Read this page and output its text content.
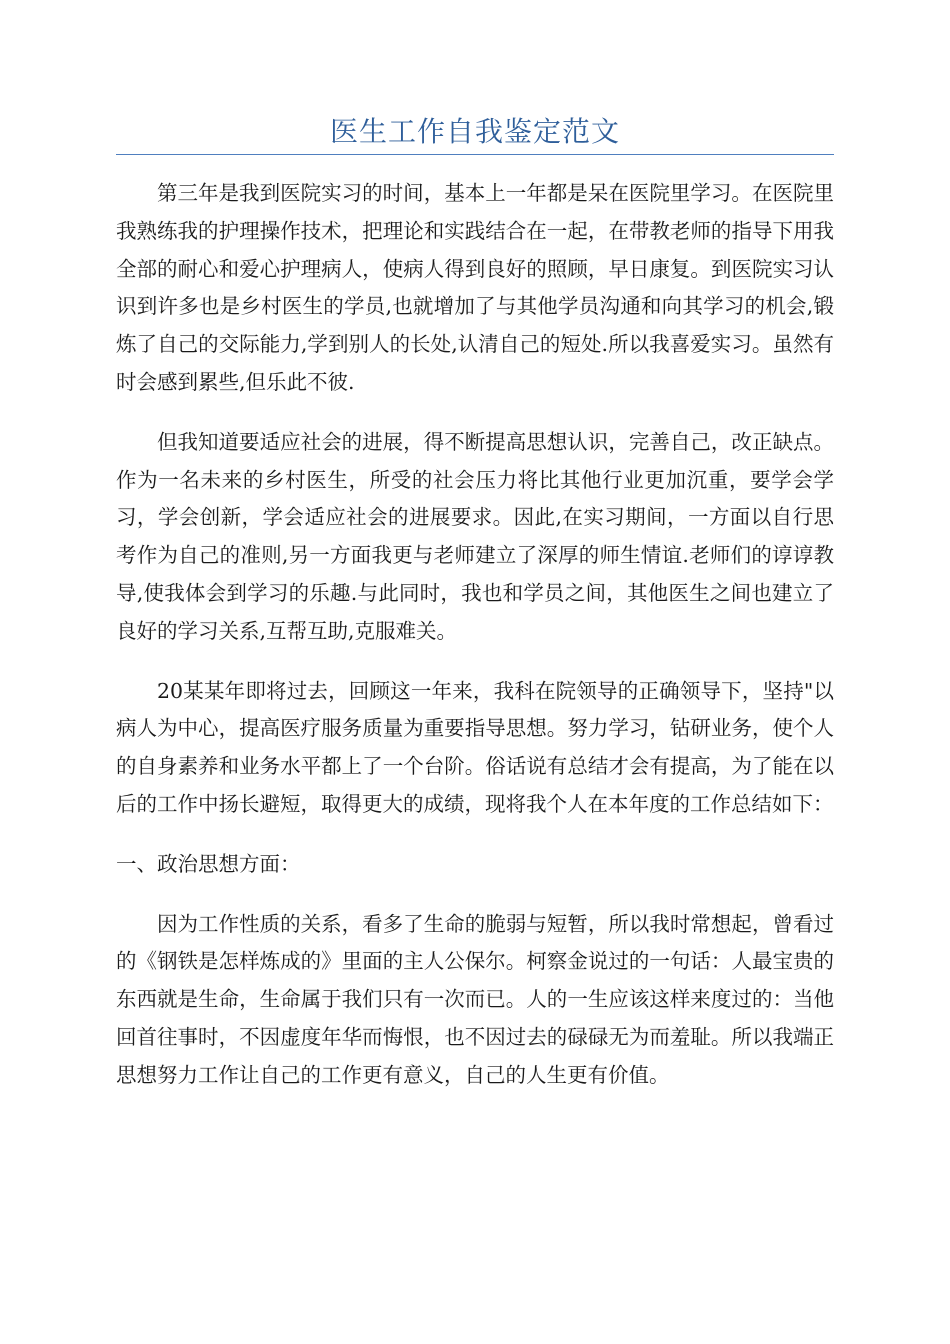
医生工作自我鉴定范文

第三年是我到医院实习的时间，基本上一年都是呆在医院里学习。在医院里我熟练我的护理操作技术，把理论和实践结合在一起，在带教老师的指导下用我全部的耐心和爱心护理病人，使病人得到良好的照顾，早日康复。到医院实习认识到许多也是乡村医生的学员,也就增加了与其他学员沟通和向其学习的机会,锻炼了自己的交际能力,学到别人的长处,认清自己的短处.所以我喜爱实习。虽然有时会感到累些,但乐此不彼.

但我知道要适应社会的进展，得不断提高思想认识，完善自己，改正缺点。作为一名未来的乡村医生，所受的社会压力将比其他行业更加沉重，要学会学习，学会创新，学会适应社会的进展要求。因此,在实习期间，一方面以自行思考作为自己的准则,另一方面我更与老师建立了深厚的师生情谊.老师们的谆谆教导,使我体会到学习的乐趣.与此同时，我也和学员之间，其他医生之间也建立了良好的学习关系,互帮互助,克服难关。

20某某年即将过去，回顾这一年来，我科在院领导的正确领导下，坚持"以病人为中心，提高医疗服务质量为重要指导思想。努力学习，钻研业务，使个人的自身素养和业务水平都上了一个台阶。俗话说有总结才会有提高，为了能在以后的工作中扬长避短，取得更大的成绩，现将我个人在本年度的工作总结如下：

一、政治思想方面：

因为工作性质的关系，看多了生命的脆弱与短暂，所以我时常想起，曾看过的《钢铁是怎样炼成的》里面的主人公保尔。柯察金说过的一句话：人最宝贵的东西就是生命，生命属于我们只有一次而已。人的一生应该这样来度过的：当他回首往事时，不因虚度年华而悔恨，也不因过去的碌碌无为而羞耻。所以我端正思想努力工作让自己的工作更有意义，自己的人生更有价值。
